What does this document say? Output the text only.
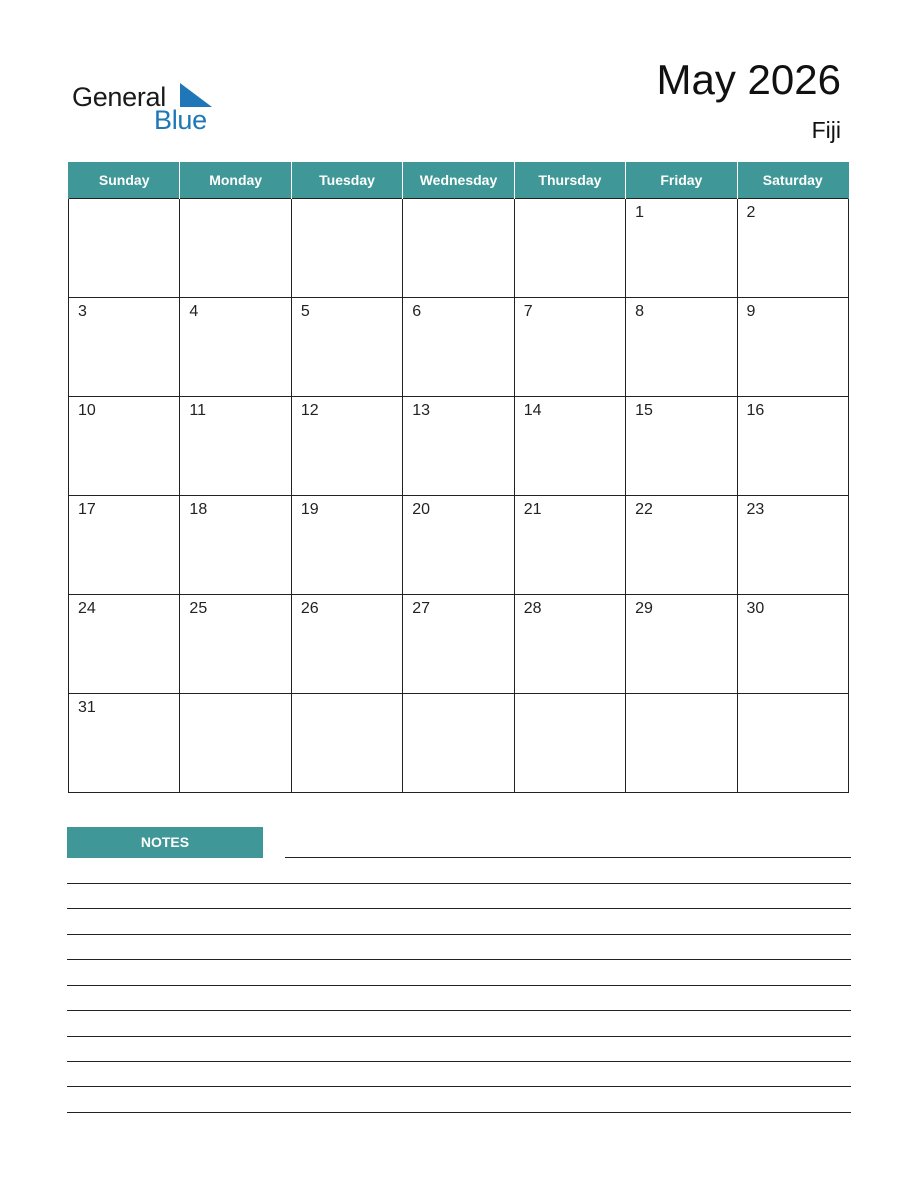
General
Blue
May 2026
Fiji
Sunday	Monday	Tuesday	Wednesday	Thursday	Friday	Saturday

					1	2

3	4	5	6	7	8	9

10	11	12	13	14	15	16

17	18	19	20	21	22	23

24	25	26	27	28	29	30

31						

NOTES
